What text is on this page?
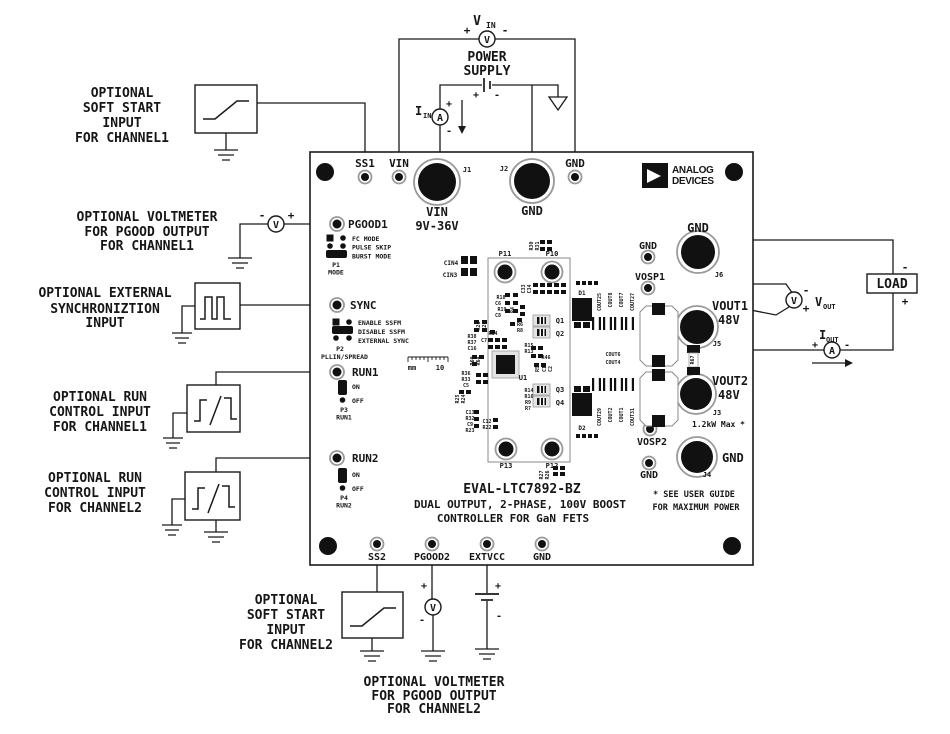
ANALOG
DEVICES
mm	10
FC MODE
PULSE SKIP
BURST MODE
P1
MODE
ENABLE SSFM
DISABLE SSFM
EXTERNAL SYNC
P2
PLLIN/SPREAD
ON
OFF
P3
RUN1
ON
OFF
P4
RUN2
SS1 VIN	GND
VIN
9V-36V
GND
PGOOD1
SYNC
RUN1
RUN2
SS2	PGOOD2 EXTVCC	GND
GND
GND
VOSP1
VOUT1
48V
VOUT2
48V
1.2kW Max *
VOSP2
GND
GND
EVAL-LTC7892-BZ
DUAL OUTPUT, 2-PHASE, 100V BOOST
CONTROLLER FOR GaN FETS
* SEE USER GUIDE
FOR MAXIMUM POWER
CIN4
CIN3
P11	P10
P13	P12
R30 R31
C33 C34
R18
C6
R19
C8
R4
R6
R8
R28 R29
R34
R38
R37
C16
C7
R60 R64
R36
R33
C5
R25 R24
C13
R32
C9
R23
C12
R22
R15
R13
R46
R5 C1 C2
U1
R14
R16
R9
R7
Q1
Q2
Q3
Q4
D1
D2
COUT25 COUT8 COUT7 COUT27
COUT6
COUT4
COUT29 COUT2 COUT1 COUT31
R67
R27 R26
J1	J2
J6
J5
J3
J4
V
V IN
+	-
POWER
SUPPLY
+ -
A
I IN
+
-
V
- +
V
+
-
+
-
V
-
+ V OUT
A
I OUT
+	-
LOAD
-
+
OPTIONAL
SOFT START
INPUT
FOR CHANNEL1
OPTIONAL VOLTMETER
FOR PGOOD OUTPUT
FOR CHANNEL1
OPTIONAL EXTERNAL
SYNCHRONIZTION
INPUT
OPTIONAL RUN
CONTROL INPUT
FOR CHANNEL1
OPTIONAL RUN
CONTROL INPUT
FOR CHANNEL2
OPTIONAL
SOFT START
INPUT
FOR CHANNEL2
OPTIONAL VOLTMETER
FOR PGOOD OUTPUT
FOR CHANNEL2
